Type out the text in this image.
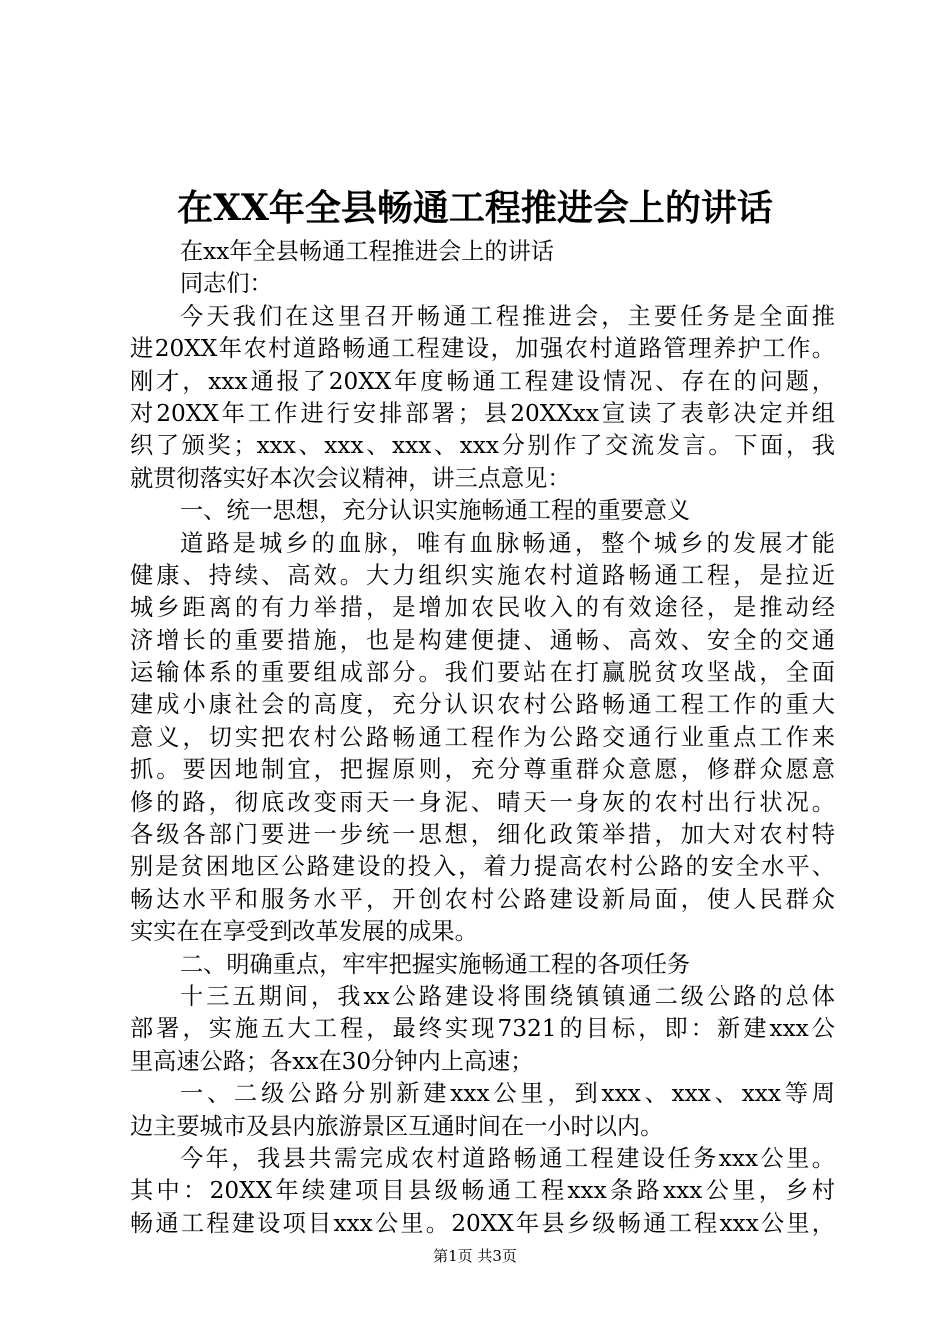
在XX年全县畅通工程推进会上的讲话
在xx年全县畅通工程推进会上的讲话
同志们：
今天我们在这里召开畅通工程推进会，主要任务是全面推
进20XX年农村道路畅通工程建设，加强农村道路管理养护工作。
刚才，xxx通报了20XX年度畅通工程建设情况、存在的问题，
对20XX年工作进行安排部署；县20XXxx宣读了表彰决定并组
织了颁奖；xxx、xxx、xxx、xxx分别作了交流发言。下面，我
就贯彻落实好本次会议精神，讲三点意见：
一、统一思想，充分认识实施畅通工程的重要意义
道路是城乡的血脉，唯有血脉畅通，整个城乡的发展才能
健康、持续、高效。大力组织实施农村道路畅通工程，是拉近
城乡距离的有力举措，是增加农民收入的有效途径，是推动经
济增长的重要措施，也是构建便捷、通畅、高效、安全的交通
运输体系的重要组成部分。我们要站在打赢脱贫攻坚战，全面
建成小康社会的高度，充分认识农村公路畅通工程工作的重大
意义，切实把农村公路畅通工程作为公路交通行业重点工作来
抓。要因地制宜，把握原则，充分尊重群众意愿，修群众愿意
修的路，彻底改变雨天一身泥、晴天一身灰的农村出行状况。
各级各部门要进一步统一思想，细化政策举措，加大对农村特
别是贫困地区公路建设的投入，着力提高农村公路的安全水平、
畅达水平和服务水平，开创农村公路建设新局面，使人民群众
实实在在享受到改革发展的成果。
二、明确重点，牢牢把握实施畅通工程的各项任务
十三五期间，我xx公路建设将围绕镇镇通二级公路的总体
部署，实施五大工程，最终实现7321的目标，即：新建xxx公
里高速公路；各xx在30分钟内上高速；
一、二级公路分别新建xxx公里，到xxx、xxx、xxx等周
边主要城市及县内旅游景区互通时间在一小时以内。
今年，我县共需完成农村道路畅通工程建设任务xxx公里。
其中：20XX年续建项目县级畅通工程xxx条路xxx公里，乡村
畅通工程建设项目xxx公里。20XX年县乡级畅通工程xxx公里，
第1页 共3页
